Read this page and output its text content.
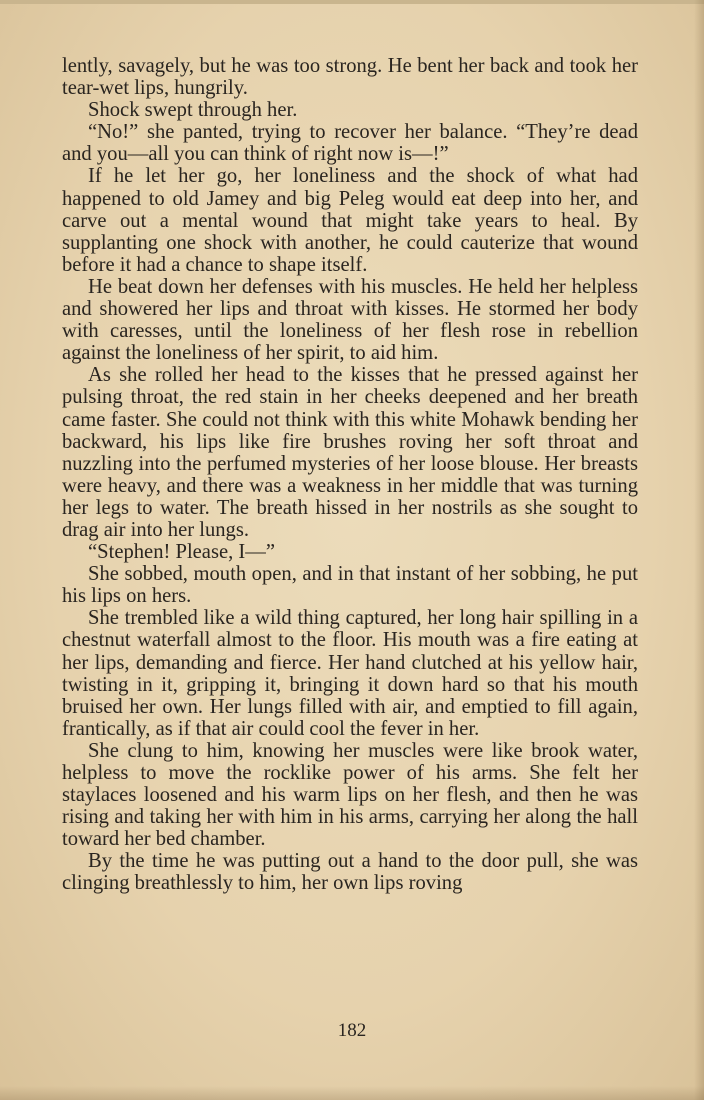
lently, savagely, but he was too strong. He bent her back and took her tear-wet lips, hungrily.

Shock swept through her.

“No!” she panted, trying to recover her balance. “They’re dead and you—all you can think of right now is—!”

If he let her go, her loneliness and the shock of what had happened to old Jamey and big Peleg would eat deep into her, and carve out a mental wound that might take years to heal. By supplanting one shock with another, he could cauterize that wound before it had a chance to shape itself.

He beat down her defenses with his muscles. He held her helpless and showered her lips and throat with kisses. He stormed her body with caresses, until the loneliness of her flesh rose in rebellion against the loneliness of her spirit, to aid him.

As she rolled her head to the kisses that he pressed against her pulsing throat, the red stain in her cheeks deepened and her breath came faster. She could not think with this white Mohawk bending her backward, his lips like fire brushes roving her soft throat and nuzzling into the perfumed mysteries of her loose blouse. Her breasts were heavy, and there was a weakness in her middle that was turning her legs to water. The breath hissed in her nostrils as she sought to drag air into her lungs.

“Stephen! Please, I—”

She sobbed, mouth open, and in that instant of her sobbing, he put his lips on hers.

She trembled like a wild thing captured, her long hair spilling in a chestnut waterfall almost to the floor. His mouth was a fire eating at her lips, demanding and fierce. Her hand clutched at his yellow hair, twisting in it, gripping it, bringing it down hard so that his mouth bruised her own. Her lungs filled with air, and emptied to fill again, frantically, as if that air could cool the fever in her.

She clung to him, knowing her muscles were like brook water, helpless to move the rocklike power of his arms. She felt her staylaces loosened and his warm lips on her flesh, and then he was rising and taking her with him in his arms, carrying her along the hall toward her bed chamber.

By the time he was putting out a hand to the door pull, she was clinging breathlessly to him, her own lips roving

182
